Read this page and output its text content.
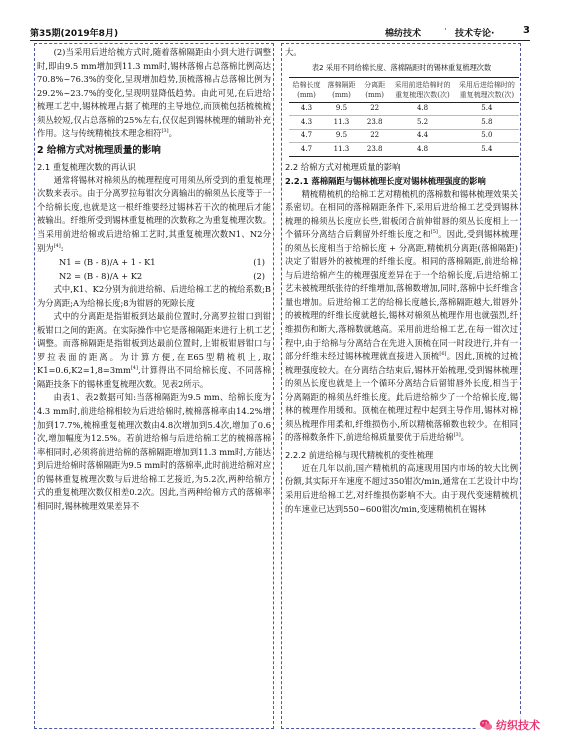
第35期(2019年8月)	棉纺技术	· 技术专论·	3

(2)当采用后进给梳方式时,随着落棉隔距由小到大进行调整时,即由9.5 mm增加到11.3 mm时,锡林落棉占总落棉比例高达70.8%~76.3%的变化,呈现增加趋势,顶梳落棉占总落棉比例为29.2%~23.7%的变化,呈现明显降低趋势。由此可见,在后进给梳理工艺中,锡林梳理占据了梳理的主导地位,而顶梳包括梳梳梳须丛较短,仅占总落棉的25%左右,仅仅起到锡林梳理的辅助补充作用。这与传统精梳技术理念相符[3]。

2 给棉方式对梳理质量的影响
2.1 重复梳理次数的再认识

通常将锡林对棉须丛的梳理程度可用须丛所受到的重复梳理次数来表示。由于分离罗拉每钳次分离输出的棉须丛长度等于一个给棉长度,也就是这一根纤维要经过锡林若干次的梳理后才能被输出。纤维所受到锡林重复梳理的次数称之为重复梳理次数。当采用前进给棉或后进给棉工艺时,其重复梳理次数N1、N2分别为[4]:

N1 = (B - 8)/A + 1 - K1	(1)
N2 = (B - 8)/A + K2	(2)

式中,K1、K2分别为前进给棉、后进给棉工艺的梳给系数;B为分离距;A为给棉长度;8为钳唇的死隙长度

式中的分离距是指钳板到达最前位置时,分离罗拉钳口到钳板钳口之间的距离。在实际操作中它是落棉隔距来进行上机工艺调整。而落棉隔距是指钳板到达最前位置时,上钳板钳唇钳口与罗拉表面的距离。为计算方便,在E65型精梳机上,取K1=0.6,K2=1,8=3mm[4],计算得出不同给棉长度、不同落棉隔距技条下的锡林重复梳理次数。见表2所示。

由表1、表2数据可知:当落棉隔距为9.5 mm、给棉长度为4.3 mm时,前进给棉相较为后进给棉时,梳棉落棉率由14.2%增加到17.7%,梳棉重复梳理次数由4.8次增加到5.4次,增加了0.6次,增加幅度为12.5%。若前进给棉与后进给棉工艺的梳棉落棉率相同时,必须将前进给棉的落棉隔距增加到11.3 mm时,方能达到后进给棉时落棉隔距为9.5 mm时的落棉率,此时前进给棉对应的锡林重复梳理次数与后进给棉工艺接近,为5.2次,两种给棉方式的重复梳理次数仅相差0.2次。因此,当两种给棉方式的落棉率相同时,锡林梳理效果差异不

大。

表2 采用不同给棉长度、落棉隔距时的锡林重复梳理次数
给棉长度(mm)	落棉隔距(mm)	分离距(mm)	采用前进给棉时的重复梳理次数(次)	采用后进给棉时的重复梳理次数(次)
4.3	9.5	22	4.8	5.4
4.3	11.3	23.8	5.2	5.8
4.7	9.5	22	4.4	5.0
4.7	11.3	23.8	4.8	5.4
2.2 给棉方式对梳理质量的影响
2.2.1 落棉隔距与锡林梳理长度对锡林梳理强度的影响

精梳精梳机的给棉工艺对精梳机的落棉数和锡林梳理效果关系密切。在相同的落棉隔距条件下,采用后进给棉工艺受到锡林梳理的棉须丛长度应长些,钳板闭合前伸钳唇的须丛长度相上一个循环分离结合后剩留外纤维长度之和[5]。因此,受到锡林梳理的须丛长度相当于给棉长度 + 分离距,精梳机分离距(落棉隔距)决定了钳唇外的被梳理的纤维长度。相同的落棉隔距,前进给棉与后进给棉产生的梳理强度差异在于一个给棉长度,后进给棉工艺未被梳理纸张待的纤维增加,落棉数增加,同时,落棉中长纤维含量也增加。后进给棉工艺的给棉长度越长,落棉隔距越大,钳唇外的被梳理的纤维长度就越长,锡林对棉须丛梳理作用也就强烈,纤维损伤和断大,落棉数就越高。采用前进给棉工艺,在每一钳次过程中,由于给棉与分离结合在先进入顶梳在同一时段进行,并有一部分纤维未经过锡林梳理就直接进入顶梳[6]。因此,顶梳的过梳梳理强度较大。在分离结合结束后,锡林开始梳理,受到锡林梳理的须丛长度也就是上一个循环分离结合后留钳唇外长度,相当于分离隔距的棉须丛纤维长度。此后进给棉少了一个给棉长度,锡林的梳理作用缓和。顶梳在梳理过程中起到主导作用,锡林对棉须丛梳理作用柔和,纤维损伤小,所以精梳落棉数也较少。在相同的落棉数条件下,前进给棉质量要优于后进给棉[3]。

2.2.2 前进给棉与现代精梳机的变性梳理

近在几年以前,国产精梳机的高速现用国内市场的较大比例份额,其实际开车速度不超过350钳次/min,通常在工艺设计中均采用后进给棉工艺,对纤维损伤影响不大。由于现代变速精梳机的车速业已达到550~600钳次/min,变速精梳机在锡林

纺织技术
